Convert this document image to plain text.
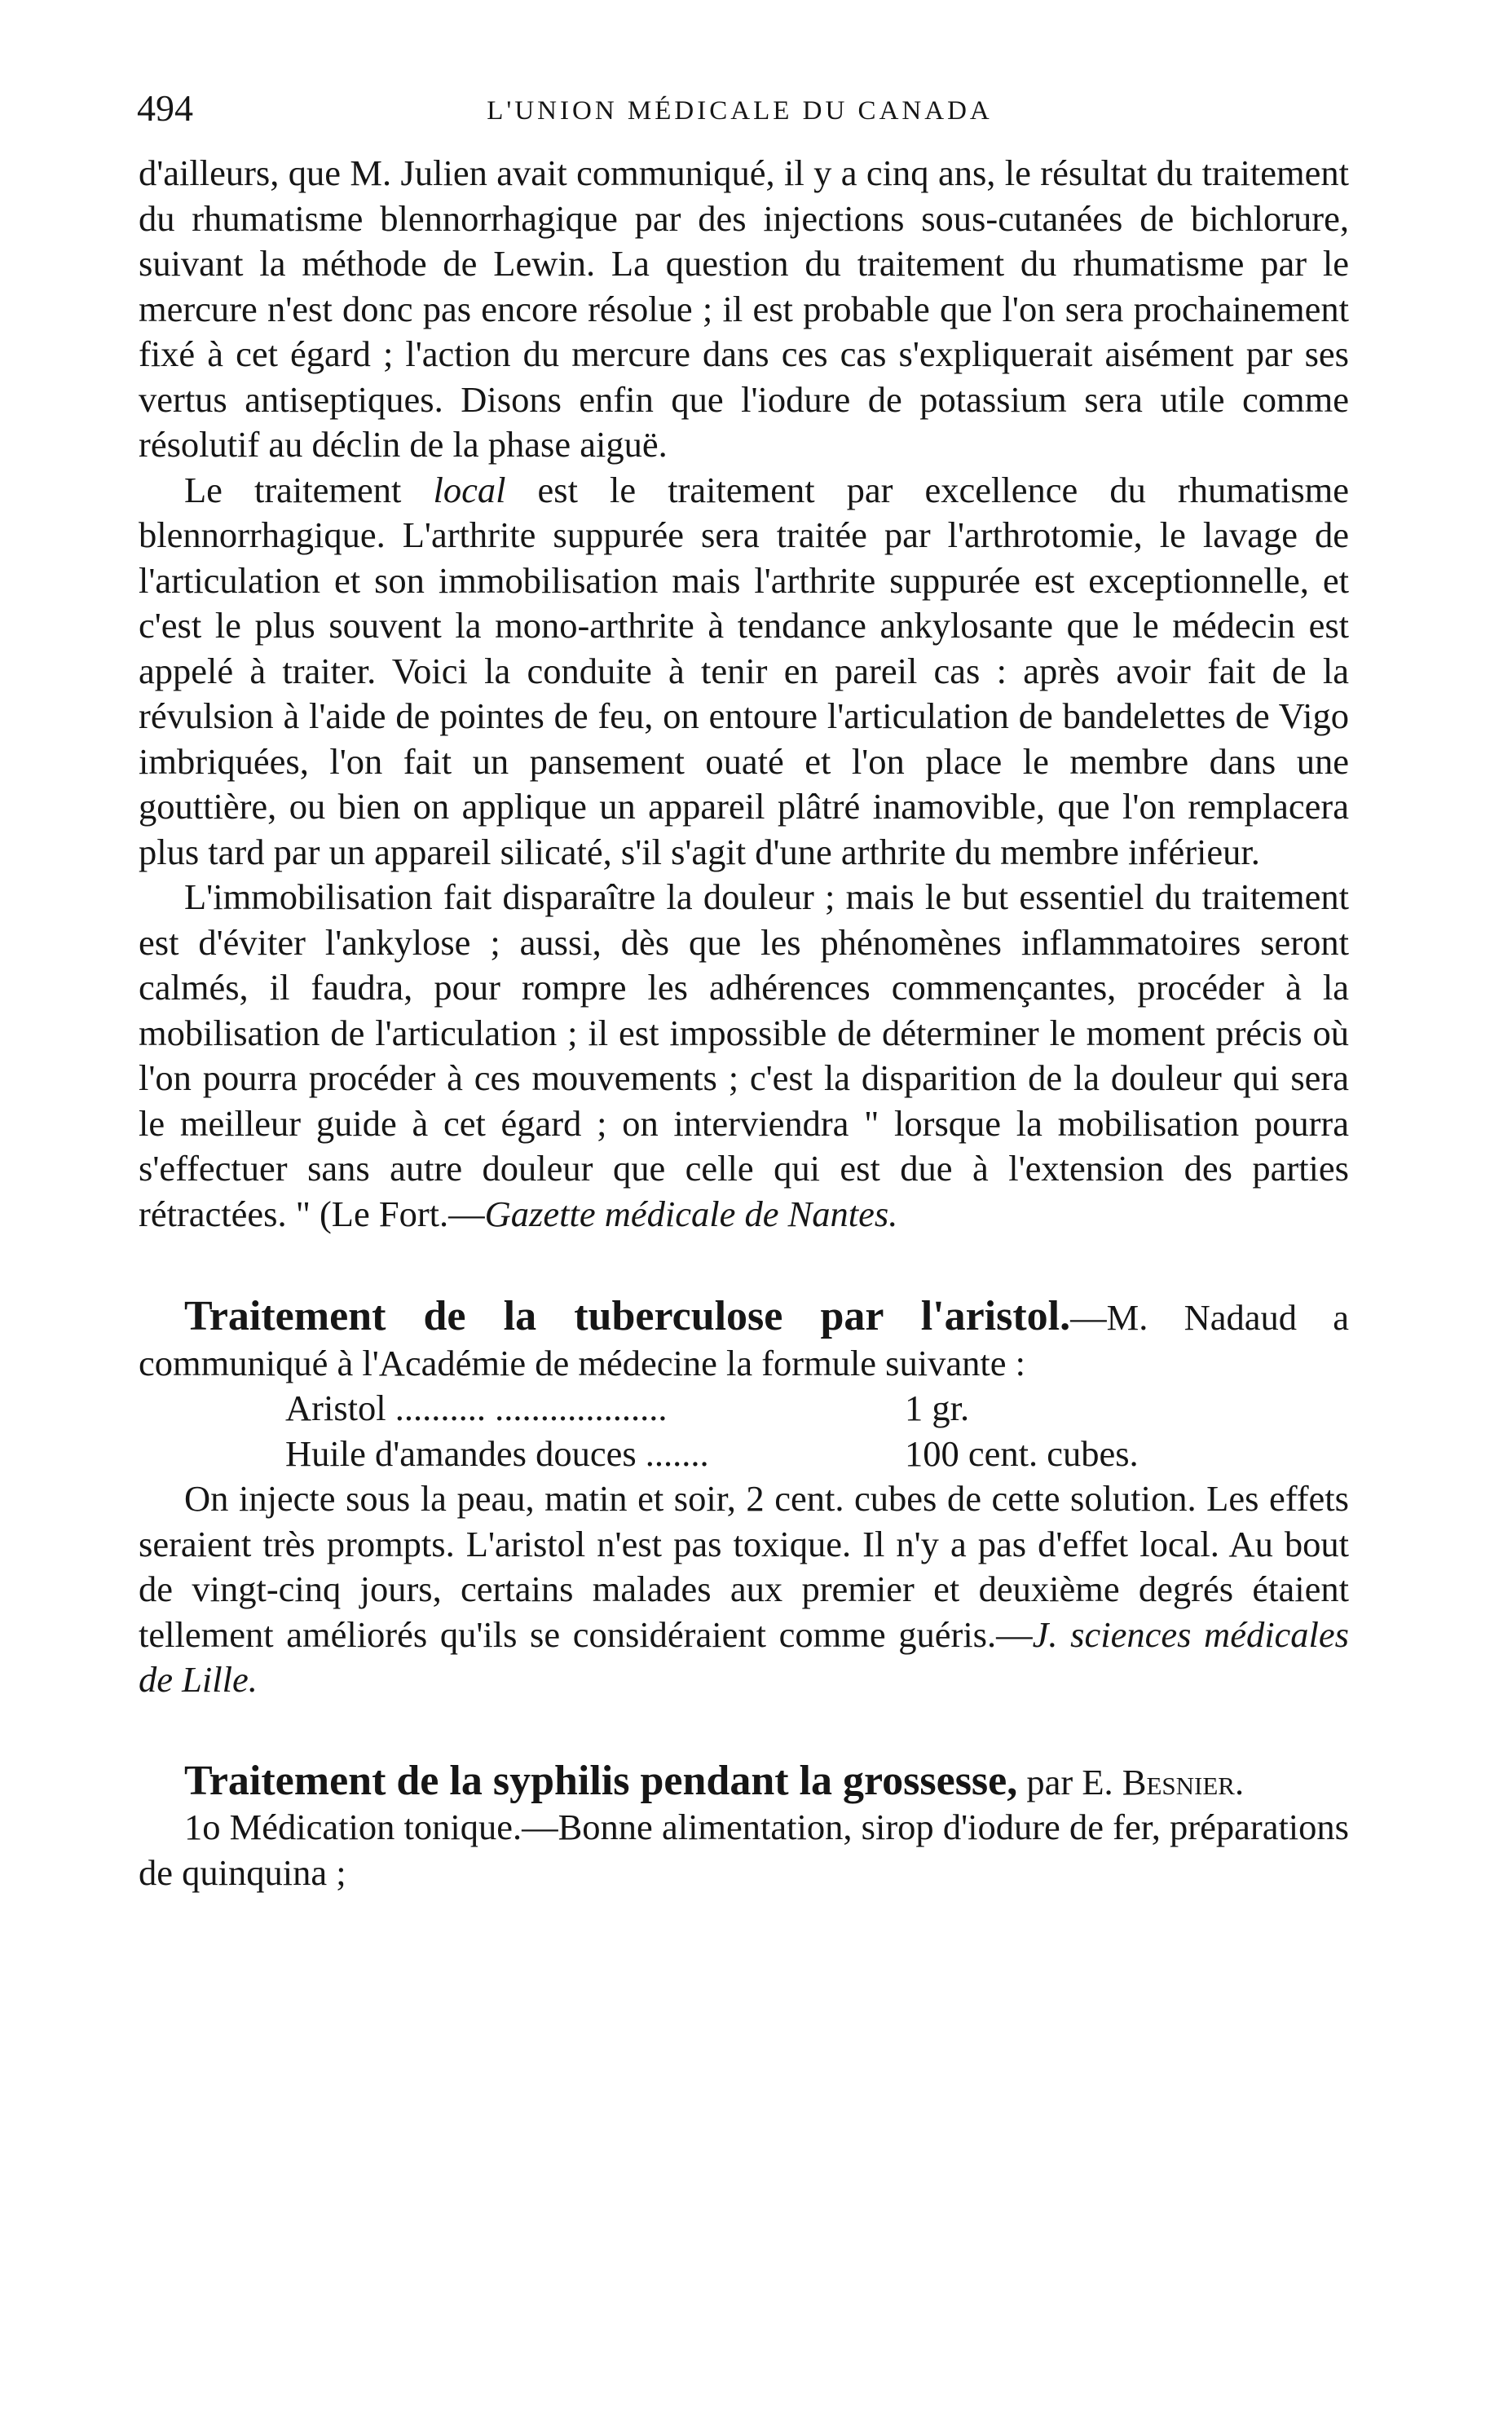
494	L'UNION MÉDICALE DU CANADA

d'ailleurs, que M. Julien avait communiqué, il y a cinq ans, le résultat du traitement du rhumatisme blennorrhagique par des injections sous-cutanées de bichlorure, suivant la méthode de Lewin. La question du traitement du rhumatisme par le mercure n'est donc pas encore résolue ; il est probable que l'on sera prochainement fixé à cet égard ; l'action du mercure dans ces cas s'expliquerait aisément par ses vertus antiseptiques. Disons enfin que l'iodure de potassium sera utile comme résolutif au déclin de la phase aiguë.

Le traitement local est le traitement par excellence du rhumatisme blennorrhagique. L'arthrite suppurée sera traitée par l'arthrotomie, le lavage de l'articulation et son immobilisation mais l'arthrite suppurée est exceptionnelle, et c'est le plus souvent la mono-arthrite à tendance ankylosante que le médecin est appelé à traiter. Voici la conduite à tenir en pareil cas : après avoir fait de la révulsion à l'aide de pointes de feu, on entoure l'articulation de bandelettes de Vigo imbriquées, l'on fait un pansement ouaté et l'on place le membre dans une gouttière, ou bien on applique un appareil plâtré inamovible, que l'on remplacera plus tard par un appareil silicaté, s'il s'agit d'une arthrite du membre inférieur.

L'immobilisation fait disparaître la douleur ; mais le but essentiel du traitement est d'éviter l'ankylose ; aussi, dès que les phénomènes inflammatoires seront calmés, il faudra, pour rompre les adhérences commençantes, procéder à la mobilisation de l'articulation ; il est impossible de déterminer le moment précis où l'on pourra procéder à ces mouvements ; c'est la disparition de la douleur qui sera le meilleur guide à cet égard ; on interviendra " lorsque la mobilisation pourra s'effectuer sans autre douleur que celle qui est due à l'extension des parties rétractées. " (Le Fort.—Gazette médicale de Nantes.

Traitement de la tuberculose par l'aristol.—M. Nadaud a communiqué à l'Académie de médecine la formule suivante :

Aristol .......... ...................	1 gr.
Huile d'amandes douces .......	100 cent. cubes.

On injecte sous la peau, matin et soir, 2 cent. cubes de cette solution. Les effets seraient très prompts. L'aristol n'est pas toxique. Il n'y a pas d'effet local. Au bout de vingt-cinq jours, certains malades aux premier et deuxième degrés étaient tellement améliorés qu'ils se considéraient comme guéris.—J. sciences médicales de Lille.

Traitement de la syphilis pendant la grossesse, par E. Besnier.

1o Médication tonique.—Bonne alimentation, sirop d'iodure de fer, préparations de quinquina ;
